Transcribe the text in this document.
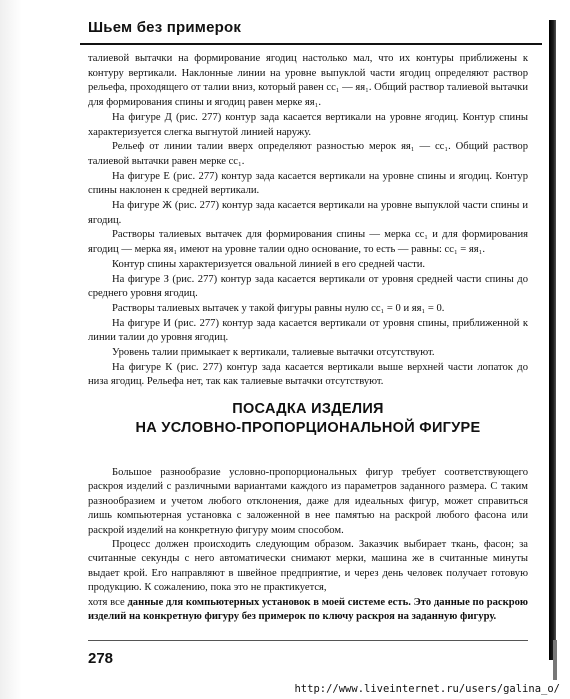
Шьем без примерок

талиевой вытачки на формирование ягодиц настолько мал, что их контуры приближены к контуру вертикали. Наклонные линии на уровне выпуклой части ягодиц определяют раствор рельефа, проходящего от талии вниз, который равен сс₁ — яя₁. Общий раствор талиевой вытачки для формирования спины и ягодиц равен мерке яя₁.

На фигуре Д (рис. 277) контур зада касается вертикали на уровне ягодиц. Контур спины характеризуется слегка выгнутой линией наружу.

Рельеф от линии талии вверх определяют разностью мерок яя₁ — сс₁. Общий раствор талиевой вытачки равен мерке сс₁.

На фигуре Е (рис. 277) контур зада касается вертикали на уровне спины и ягодиц. Контур спины наклонен к средней вертикали.

На фигуре Ж (рис. 277) контур зада касается вертикали на уровне выпуклой части спины и ягодиц.

Растворы талиевых вытачек для формирования спины — мерка сс₁ и для формирования ягодиц — мерка яя₁ имеют на уровне талии одно основание, то есть — равны: сс₁ = яя₁.

Контур спины характеризуется овальной линией в его средней части.

На фигуре З (рис. 277) контур зада касается вертикали от уровня средней части спины до среднего уровня ягодиц.

Растворы талиевых вытачек у такой фигуры равны нулю сс₁ = 0 и яя₁ = 0.

На фигуре И (рис. 277) контур зада касается вертикали от уровня спины, приближенной к линии талии до уровня ягодиц.

Уровень талии примыкает к вертикали, талиевые вытачки отсутствуют.

На фигуре К (рис. 277) контур зада касается вертикали выше верхней части лопаток до низа ягодиц. Рельефа нет, так как талиевые вытачки отсутствуют.

ПОСАДКА ИЗДЕЛИЯ
НА УСЛОВНО-ПРОПОРЦИОНАЛЬНОЙ ФИГУРЕ

Большое разнообразие условно-пропорциональных фигур требует соответствующего раскроя изделий с различными вариантами каждого из параметров заданного размера. С таким разнообразием и учетом любого отклонения, даже для идеальных фигур, может справиться лишь компьютерная установка с заложенной в нее памятью на раскрой любого фасона или раскрой изделий на конкретную фигуру моим способом.

Процесс должен происходить следующим образом. Заказчик выбирает ткань, фасон; за считанные секунды с него автоматически снимают мерки, машина же в считанные минуты выдает крой. Его направляют в швейное предприятие, и через день человек получает готовую продукцию. К сожалению, пока это не практикуется,

хотя все данные для компьютерных установок в моей системе есть. Это данные по раскрою изделий на конкретную фигуру без примерок по ключу раскроя на заданную фигуру.

278
http://www.liveinternet.ru/users/galina_o/
